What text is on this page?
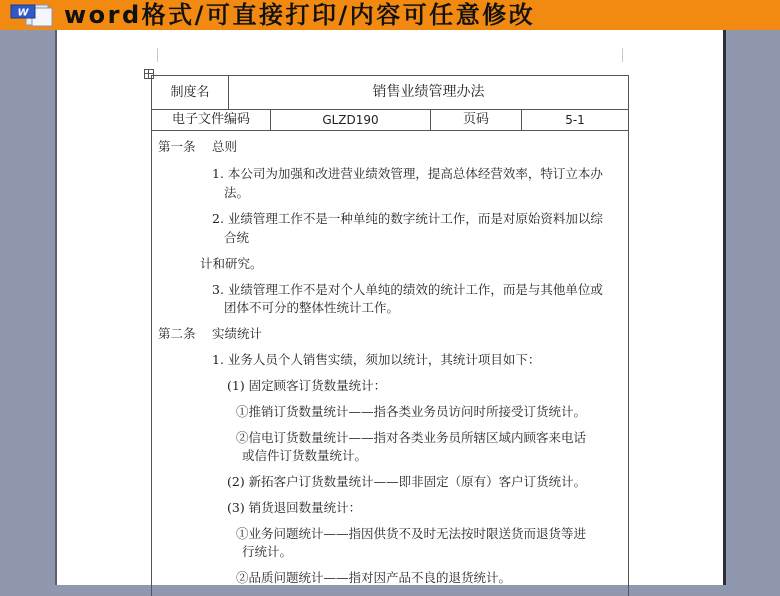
W word格式/可直接打印/内容可任意修改
制度名	销售业绩管理办法
电子文件编码	GLZD190	页码	5-1
第一条 总则
1. 本公司为加强和改进营业绩效管理，提高总体经营效率，特订立本办
法。
2. 业绩管理工作不是一种单纯的数字统计工作，而是对原始资料加以综
合统
计和研究。
3. 业绩管理工作不是对个人单纯的绩效的统计工作，而是与其他单位或
团体不可分的整体性统计工作。
第二条 实绩统计
1. 业务人员个人销售实绩，须加以统计，其统计项目如下：
(1) 固定顾客订货数量统计：
①推销订货数量统计——指各类业务员访问时所接受订货统计。
②信电订货数量统计——指对各类业务员所辖区域内顾客来电话
或信件订货数量统计。
(2) 新拓客户订货数量统计——即非固定（原有）客户订货统计。
(3) 销货退回数量统计：
①业务问题统计——指因供货不及时无法按时限送货而退货等进
行统计。
②品质问题统计——指对因产品不良的退货统计。
